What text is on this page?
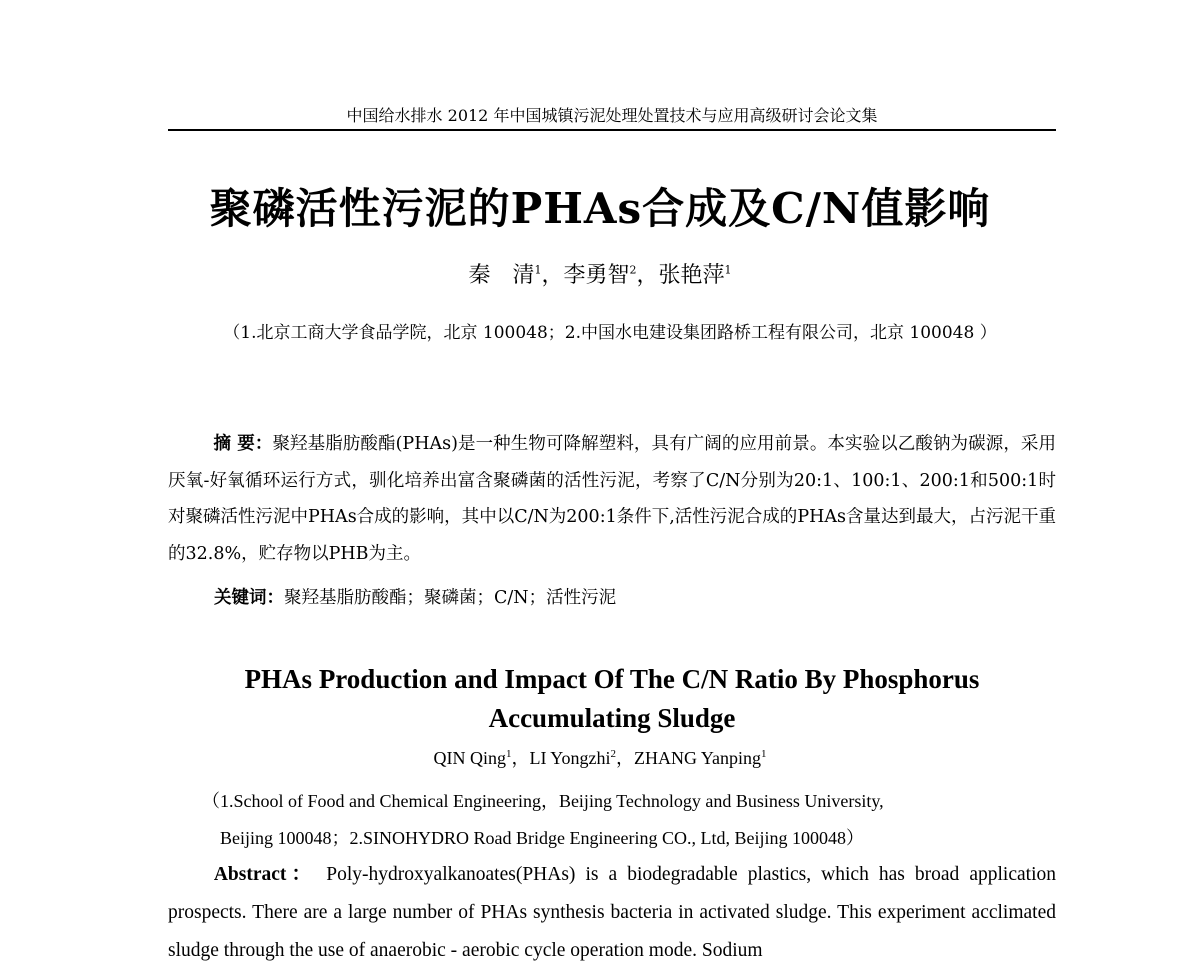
中国给水排水 2012 年中国城镇污泥处理处置技术与应用高级研讨会论文集
聚磷活性污泥的PHAs合成及C/N值影响
秦　清$^1$，李勇智$^2$，张艳萍$^1$
（1.北京工商大学食品学院，北京 100048；2.中国水电建设集团路桥工程有限公司，北京 100048 ）
摘 要：聚羟基脂肪酸酯(PHAs)是一种生物可降解塑料，具有广阔的应用前景。本实验以乙酸钠为碳源，采用厌氧-好氧循环运行方式，驯化培养出富含聚磷菌的活性污泥，考察了C/N分别为20:1、100:1、200:1和500:1时对聚磷活性污泥中PHAs合成的影响，其中以C/N为200:1条件下,活性污泥合成的PHAs含量达到最大，占污泥干重的32.8%，贮存物以PHB为主。
关键词：聚羟基脂肪酸酯；聚磷菌；C/N；活性污泥
PHAs Production and Impact Of The C/N Ratio By Phosphorus Accumulating Sludge
QIN Qing$^1$，LI Yongzhi$^2$，ZHANG Yanping$^1$
（1.School of Food and Chemical Engineering，Beijing Technology and Business University,
Beijing 100048；2.SINOHYDRO Road Bridge Engineering CO., Ltd, Beijing 100048）
Abstract： Poly-hydroxyalkanoates(PHAs) is a biodegradable plastics, which has broad application prospects. There are a large number of PHAs synthesis bacteria in activated sludge. This experiment acclimated sludge through the use of anaerobic - aerobic cycle operation mode. Sodium
